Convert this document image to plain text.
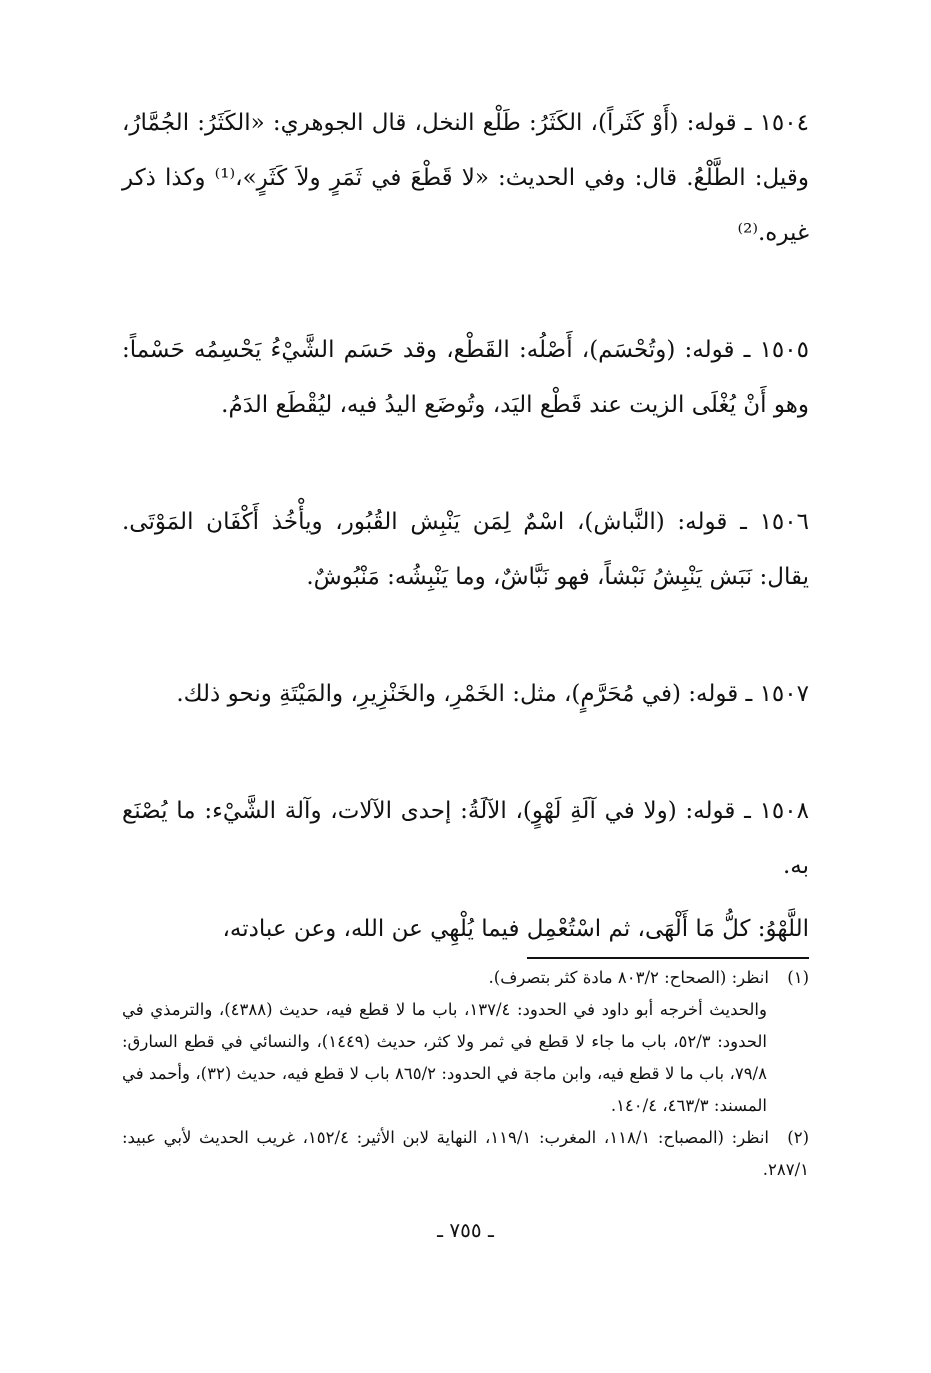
١٥٠٤ ـ قوله: (أَوْ كَثَراً)، الكَثَرُ: طَلْع النخل، قال الجوهري: «الكَثَرُ: الجُمَّارُ، وقيل: الطَّلْعُ. قال: وفي الحديث: «لا قَطْعَ في ثَمَرٍ ولاَ كَثَرٍ»،⁽¹⁾ وكذا ذكر غيره.⁽²⁾

١٥٠٥ ـ قوله: (وتُحْسَم)، أَصْلُه: القَطْع، وقد حَسَم الشَّيْءُ يَحْسِمُه حَسْماً: وهو أَنْ يُغْلَى الزيت عند قَطْع اليَد، وتُوضَع اليدُ فيه، ليُقْطَع الدَمُ.

١٥٠٦ ـ قوله: (النَّباش)، اسْمٌ لِمَن يَنْبِش القُبُور، ويأْخُذ أَكْفَان المَوْتَى. يقال: نَبَش يَنْبِشُ نَبْشاً، فهو نَبَّاشٌ، وما يَنْبِشُه: مَنْبُوشٌ.

١٥٠٧ ـ قوله: (في مُحَرَّمٍ)، مثل: الخَمْرِ، والخَنْزِيرِ، والمَيْتَةِ ونحو ذلك.

١٥٠٨ ـ قوله: (ولا في آلَةِ لَهْوٍ)، الآلَةُ: إحدى الآلات، وآلة الشَّيْء: ما يُصْنَع به.

اللَّهْوُ: كلُّ مَا أَلْهَى، ثم اسْتُعْمِل فيما يُلْهِي عن الله، وعن عبادته،

(١)انظر: (الصحاح: ٨٠٣/٢ مادة كثر بتصرف).

والحديث أخرجه أبو داود في الحدود: ١٣٧/٤، باب ما لا قطع فيه، حديث (٤٣٨٨)، والترمذي في الحدود: ٥٢/٣، باب ما جاء لا قطع في ثمر ولا كثر، حديث (١٤٤٩)، والنسائي في قطع السارق: ٧٩/٨، باب ما لا قطع فيه، وابن ماجة في الحدود: ٨٦٥/٢ باب لا قطع فيه، حديث (٣٢)، وأحمد في المسند: ٤٦٣/٣، ١٤٠/٤.

(٢)انظر: (المصباح: ١١٨/١، المغرب: ١١٩/١، النهاية لابن الأثير: ١٥٢/٤، غريب الحديث لأبي عبيد: ٢٨٧/١.

ـ ٧٥٥ ـ
